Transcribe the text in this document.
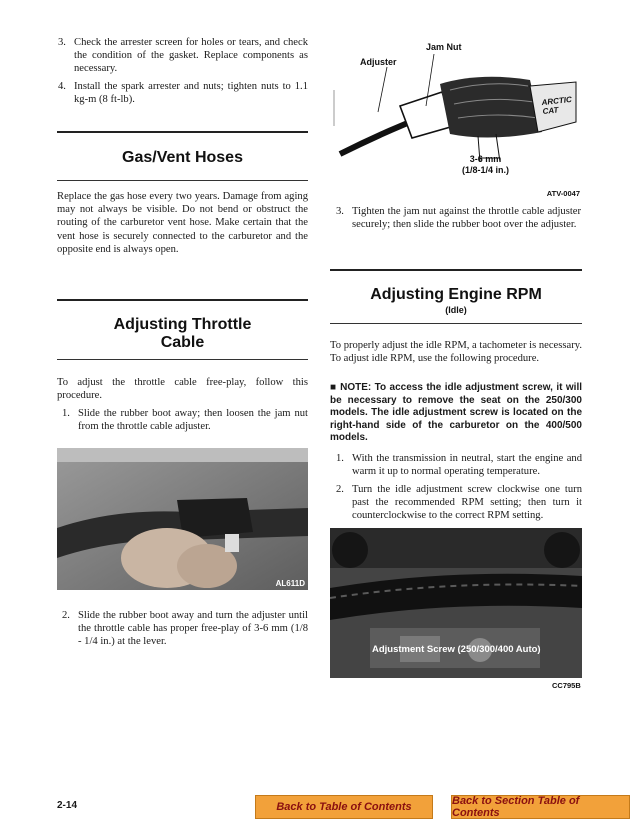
3. Check the arrester screen for holes or tears, and check the condition of the gasket. Replace components as necessary.
4. Install the spark arrester and nuts; tighten nuts to 1.1 kg-m (8 ft-lb).
Gas/Vent Hoses
Replace the gas hose every two years. Damage from aging may not always be visible. Do not bend or obstruct the routing of the carburetor vent hose. Make certain that the vent hose is securely connected to the carburetor and the opposite end is always open.
Adjusting Throttle
Cable
To adjust the throttle cable free-play, follow this procedure.
1. Slide the rubber boot away; then loosen the jam nut from the throttle cable adjuster.
AL611D
2. Slide the rubber boot away and turn the adjuster until the throttle cable has proper free-play of 3-6 mm (1/8 - 1/4 in.) at the lever.
Jam Nut
Adjuster
ARCTIC CAT
3-6 mm
(1/8-1/4 in.)
ATV-0047
3. Tighten the jam nut against the throttle cable adjuster securely; then slide the rubber boot over the adjuster.
Adjusting Engine RPM
(Idle)
To properly adjust the idle RPM, a tachometer is necessary. To adjust idle RPM, use the following procedure.
■ NOTE: To access the idle adjustment screw, it will be necessary to remove the seat on the 250/300 models. The idle adjustment screw is located on the right-hand side of the carburetor on the 400/500 models.
1. With the transmission in neutral, start the engine and warm it up to normal operating temperature.
2. Turn the idle adjustment screw clockwise one turn past the recommended RPM setting; then turn it counterclockwise to the correct RPM setting.
Adjustment Screw (250/300/400 Auto)
CC795B
2-14	Back to Table of Contents	Back to Section Table of Contents
